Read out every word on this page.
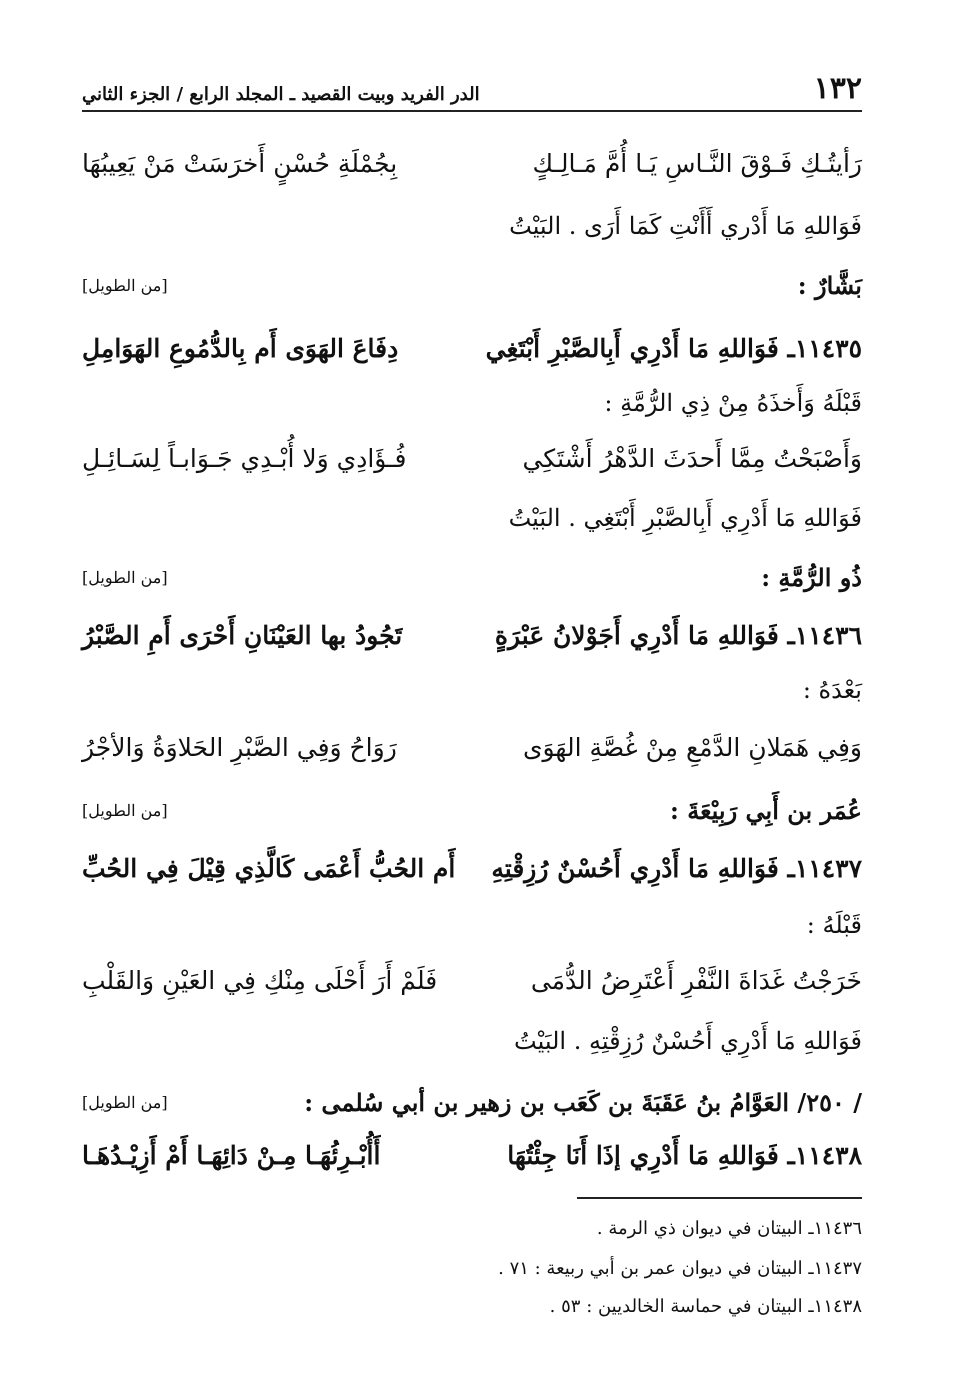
١٣٢
الدر الفريد وبيت القصيد ـ المجلد الرابع / الجزء الثاني
رَأيتُـكِ فَـوْقَ النَّـاسِ يَـا أُمَّ مَـالِـكٍ
بِجُمْلَةِ حُسْنٍ أَخرَسَتْ مَنْ يَعِيبُهَا
فَوَاللهِ مَا أَدْري أَأَنْتِ كَمَا أَرَى . البَيْتُ
بَشَّارٌ :
[من الطويل]
١١٤٣٥ـ فَوَاللهِ مَا أَدْرِي أَبِالصَّبْرِ أَبْتَغِي
دِفَاعَ الهَوَى أَم بِالدُّمُوعِ الهَوَامِلِ
قَبْلَهُ وَأَخذَهُ مِنْ ذِي الرُّمَّةِ :
وَأَصْبَحْتُ مِمَّا أَحدَثَ الدَّهْرُ أَشْتَكِي
فُـؤَادِي وَلا أُبْـدِي جَـوَابـاً لِسَـائِـلِ
فَوَاللهِ مَا أَدْرِي أَبِالصَّبْرِ أَبْتَغِي . البَيْتُ
ذُو الرُّمَّةِ :
[من الطويل]
١١٤٣٦ـ فَوَاللهِ مَا أَدْرِي أَجَوْلانُ عَبْرَةٍ
تَجُودُ بها العَيْنَانِ أَحْرَى أَمِ الصَّبْرُ
بَعْدَهُ :
وَفِي هَمَلانِ الدَّمْعِ مِنْ غُصَّةِ الهَوَى
رَوَاحُ وَفِي الصَّبْرِ الحَلاوَةُ وَالأجْرُ
عُمَر بن أَبِي رَبِيْعَةَ :
[من الطويل]
١١٤٣٧ـ فَوَاللهِ مَا أَدْرِي أَحُسْنٌ رُزِقْتِهِ
أَم الحُبُّ أَعْمَى كَالَّذِي قِيْلَ فِي الحُبِّ
قَبْلَهُ :
خَرَجْتُ غَدَاةَ النَّفْرِ أَعْتَرِضُ الدُّمَى
فَلَمْ أَرَ أَحْلَى مِنْكِ فِي العَيْنِ وَالقَلْبِ
فَوَاللهِ مَا أَدْرِي أَحُسْنٌ رُزِقْتِهِ . البَيْتُ
/ ٢٥٠/ العَوَّامُ بنُ عَقَبَةَ بن كَعَب بن زهير بن أبي سُلمى :
[من الطويل]
١١٤٣٨ـ فَوَاللهِ مَا أَدْرِي إذَا أَنَا جِئْتُهَا
أَأُبْـرِئُهَـا مِـنْ دَائِهَـا أَمْ أَزِيْـدُهَـا
١١٤٣٦ـ البيتان في ديوان ذي الرمة .
١١٤٣٧ـ البيتان في ديوان عمر بن أبي ربيعة : ٧١ .
١١٤٣٨ـ البيتان في حماسة الخالديين : ٥٣ .
